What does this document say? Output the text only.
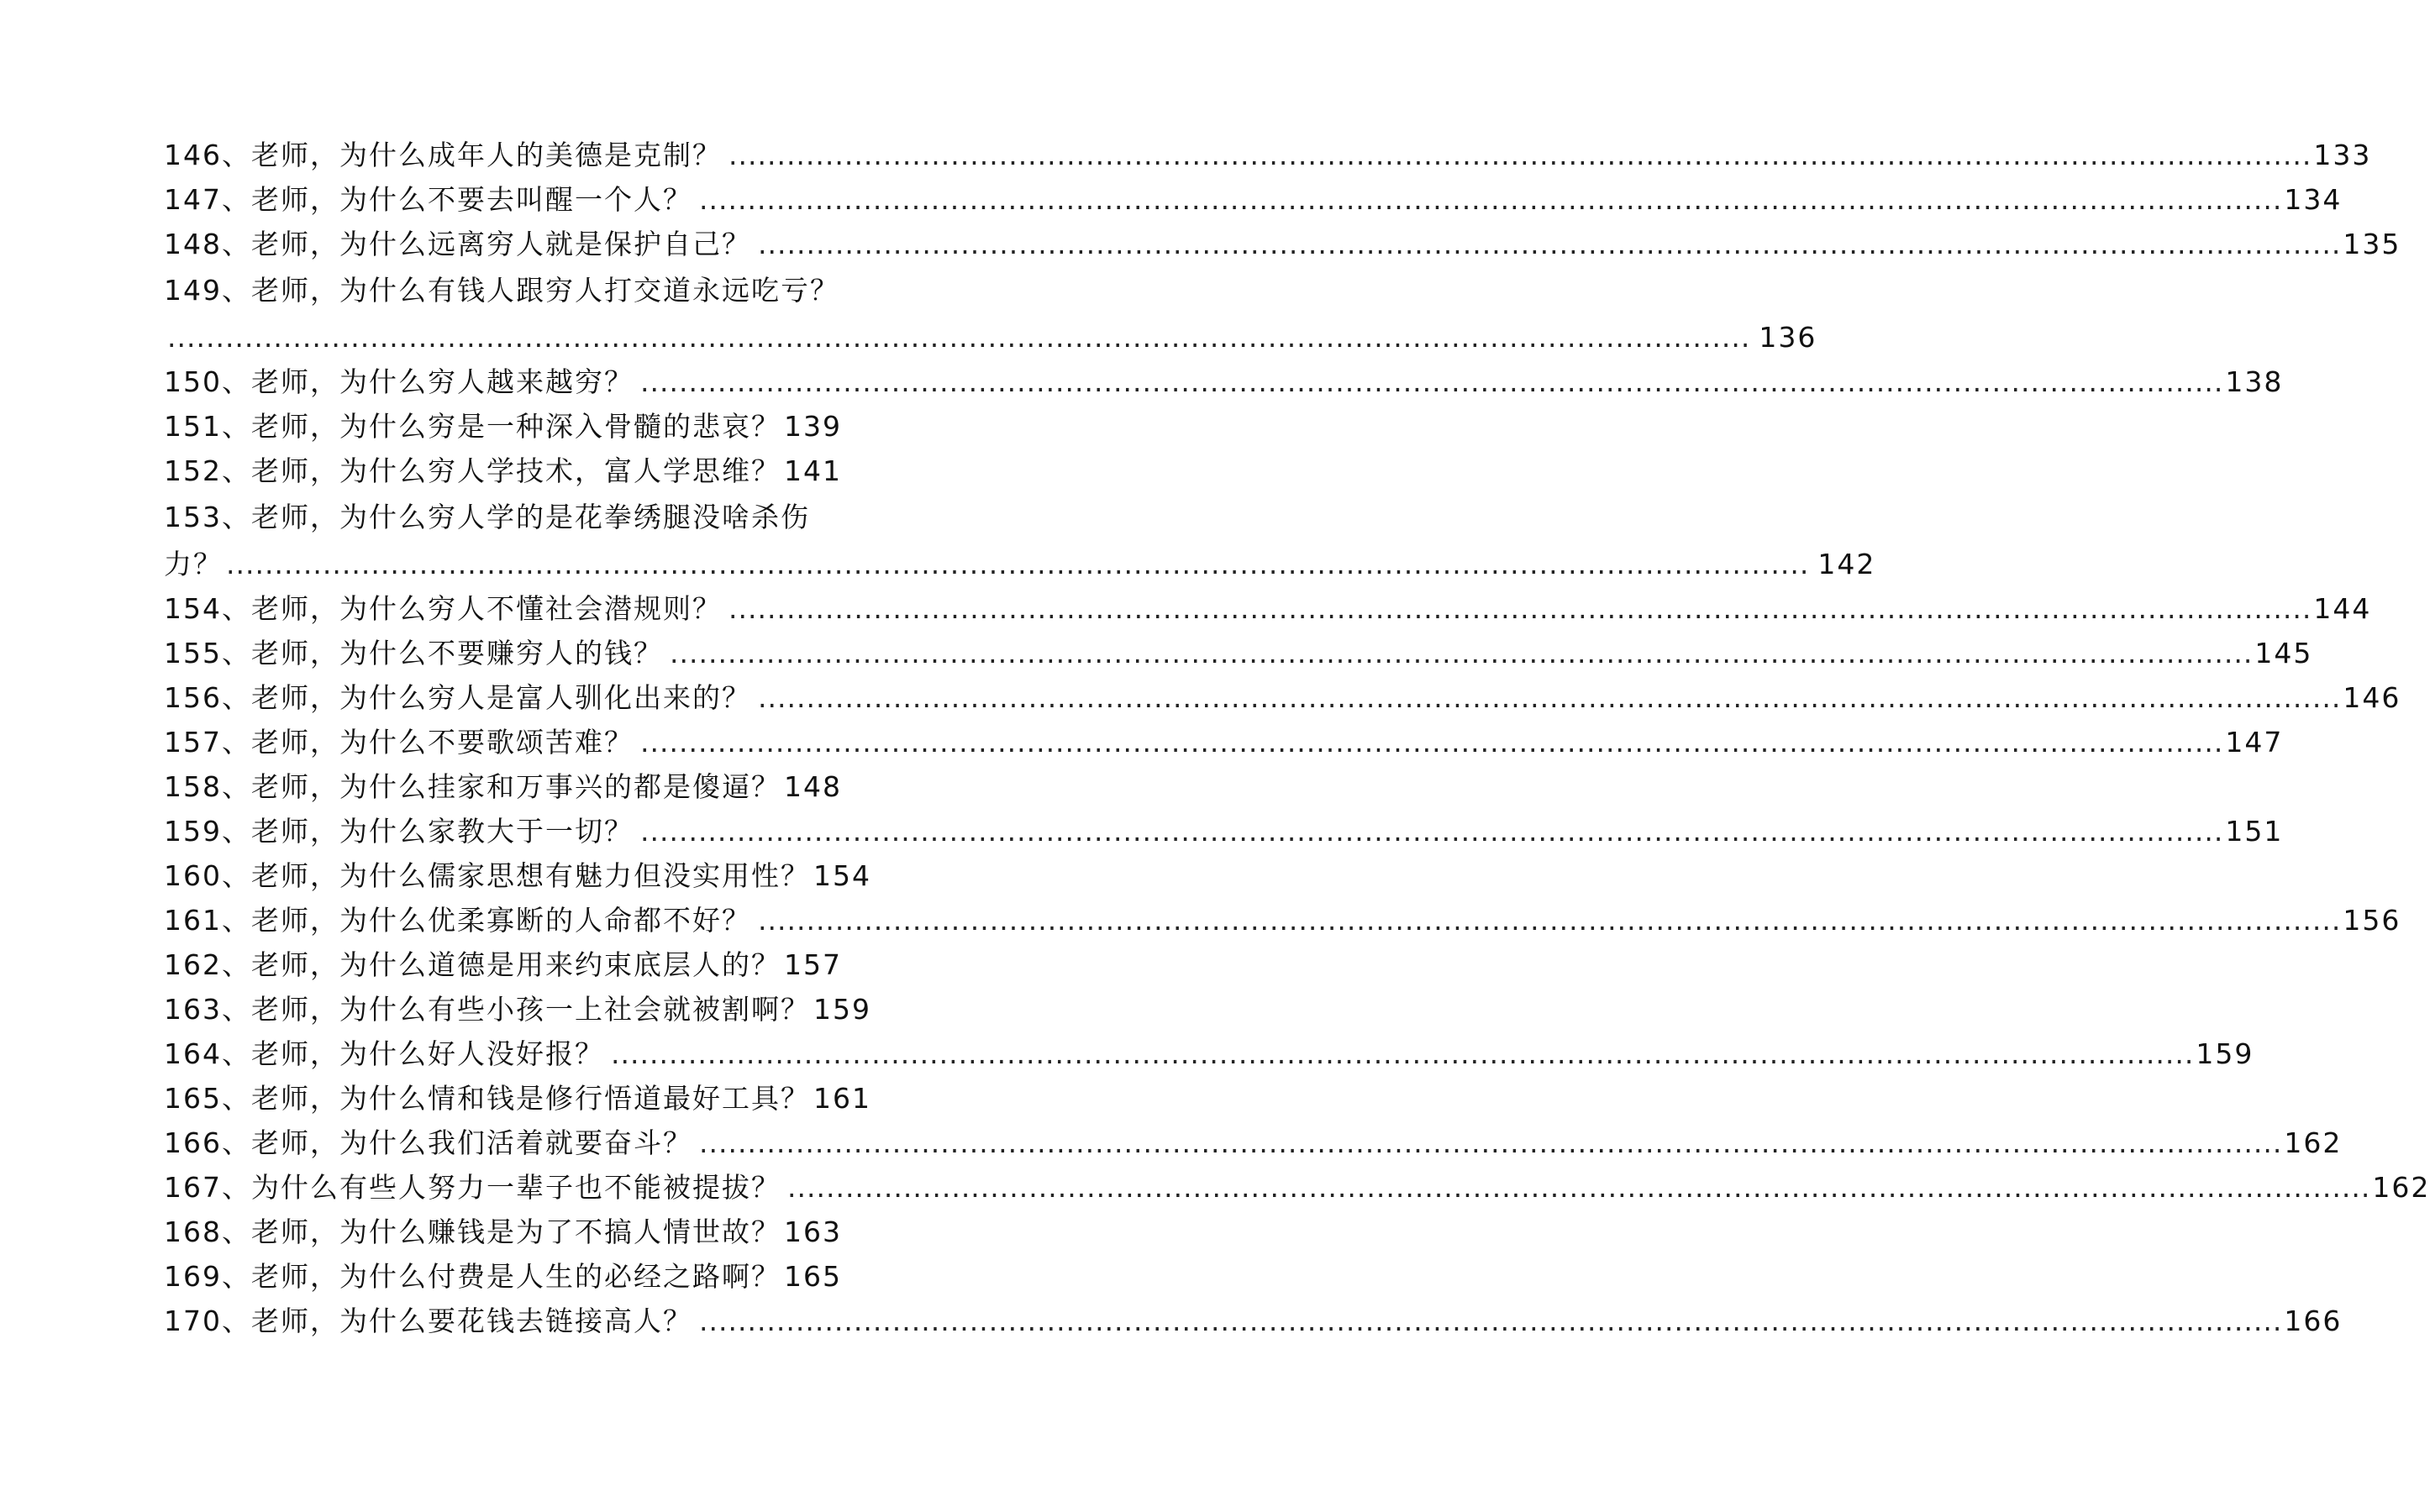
146、老师，为什么成年人的美德是克制？ .................................................................................................................................................................... 133
147、老师，为什么不要去叫醒一个人？ .................................................................................................................................................................... 134
148、老师，为什么远离穷人就是保护自己？ .................................................................................................................................................................... 135
149、老师，为什么有钱人跟穷人打交道永远吃亏？
.................................................................................................................................................................... 136
150、老师，为什么穷人越来越穷？ .................................................................................................................................................................... 138
151、老师，为什么穷是一种深入骨髓的悲哀？ 139
152、老师，为什么穷人学技术，富人学思维？ 141
153、老师，为什么穷人学的是花拳绣腿没啥杀伤
力？ .................................................................................................................................................................... 142
154、老师，为什么穷人不懂社会潜规则？ .................................................................................................................................................................... 144
155、老师，为什么不要赚穷人的钱？ .................................................................................................................................................................... 145
156、老师，为什么穷人是富人驯化出来的？ .................................................................................................................................................................... 146
157、老师，为什么不要歌颂苦难？ .................................................................................................................................................................... 147
158、老师，为什么挂家和万事兴的都是傻逼？ 148
159、老师，为什么家教大于一切？ .................................................................................................................................................................... 151
160、老师，为什么儒家思想有魅力但没实用性？ 154
161、老师，为什么优柔寡断的人命都不好？ .................................................................................................................................................................... 156
162、老师，为什么道德是用来约束底层人的？ 157
163、老师，为什么有些小孩一上社会就被割啊？ 159
164、老师，为什么好人没好报？ .................................................................................................................................................................... 159
165、老师，为什么情和钱是修行悟道最好工具？ 161
166、老师，为什么我们活着就要奋斗？ .................................................................................................................................................................... 162
167、为什么有些人努力一辈子也不能被提拔？ .................................................................................................................................................................... 162
168、老师，为什么赚钱是为了不搞人情世故？ 163
169、老师，为什么付费是人生的必经之路啊？ 165
170、老师，为什么要花钱去链接高人？ .................................................................................................................................................................... 166
